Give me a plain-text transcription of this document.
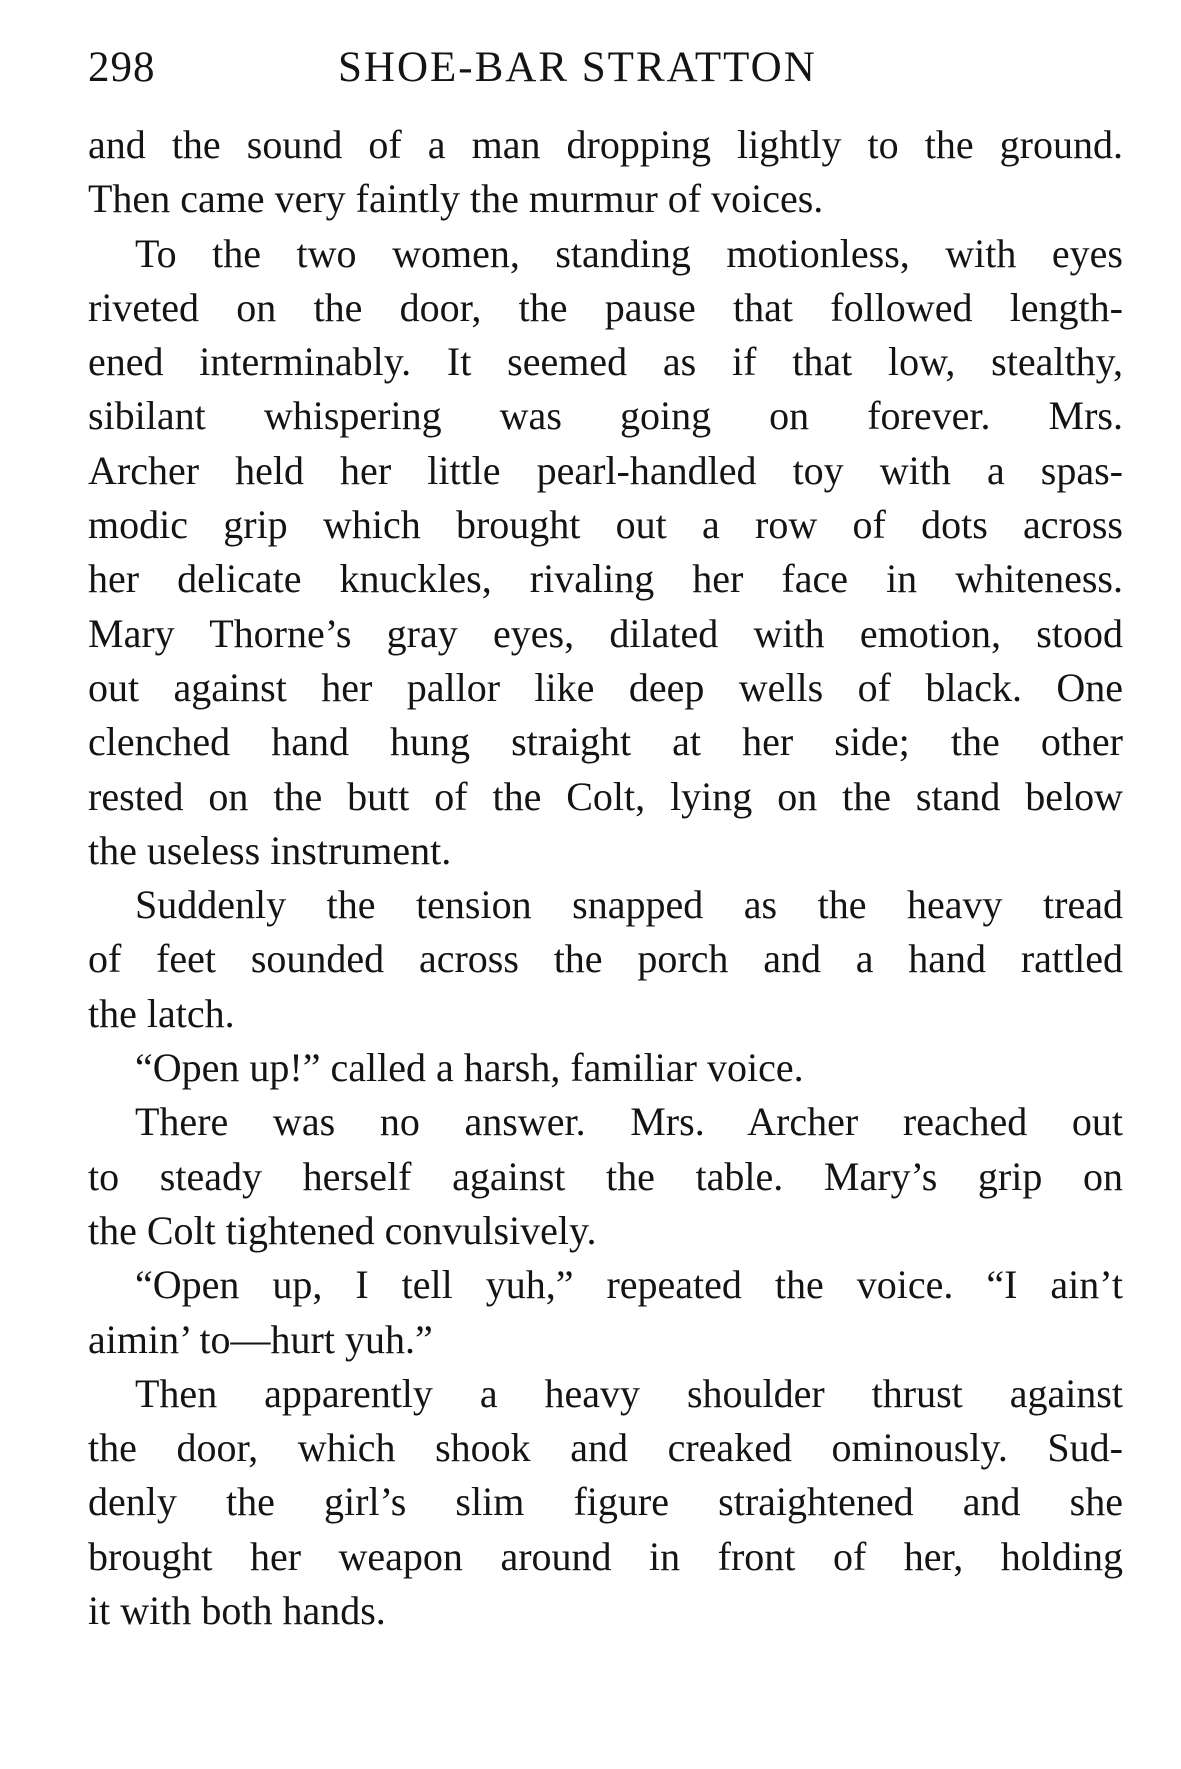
298	SHOE-BAR STRATTON
and the sound of a man dropping lightly to the ground.
Then came very faintly the murmur of voices.
To the two women, standing motionless, with eyes
riveted on the door, the pause that followed length-
ened interminably. It seemed as if that low, stealthy,
sibilant whispering was going on forever. Mrs.
Archer held her little pearl-handled toy with a spas-
modic grip which brought out a row of dots across
her delicate knuckles, rivaling her face in whiteness.
Mary Thorne’s gray eyes, dilated with emotion, stood
out against her pallor like deep wells of black. One
clenched hand hung straight at her side; the other
rested on the butt of the Colt, lying on the stand below
the useless instrument.
Suddenly the tension snapped as the heavy tread
of feet sounded across the porch and a hand rattled
the latch.
“Open up!” called a harsh, familiar voice.
There was no answer. Mrs. Archer reached out
to steady herself against the table. Mary’s grip on
the Colt tightened convulsively.
“Open up, I tell yuh,” repeated the voice. “I ain’t
aimin’ to—hurt yuh.”
Then apparently a heavy shoulder thrust against
the door, which shook and creaked ominously. Sud-
denly the girl’s slim figure straightened and she
brought her weapon around in front of her, holding
it with both hands.
